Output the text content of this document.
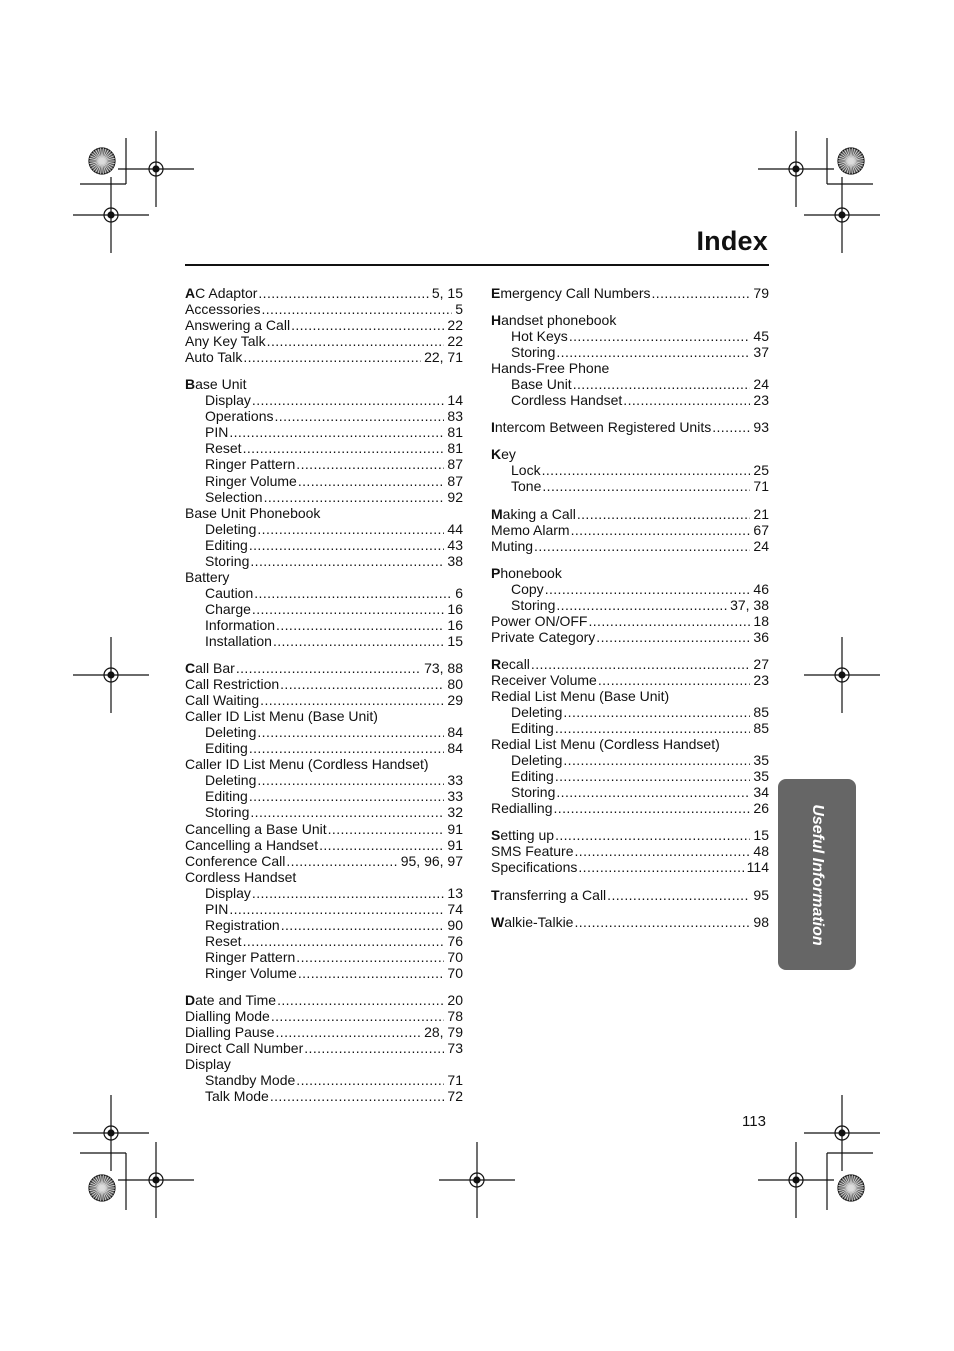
Index
AC Adaptor .....	5, 15
Accessories .....	5
Answering a Call .....	22
Any Key Talk .....	22
Auto Talk .....	22, 71
Base Unit
Display .....	14
Operations .....	83
PIN .....	81
Reset .....	81
Ringer Pattern .....	87
Ringer Volume .....	87
Selection .....	92
Base Unit Phonebook
Deleting .....	44
Editing .....	43
Storing .....	38
Battery
Caution .....	6
Charge .....	16
Information .....	16
Installation .....	15
Call Bar .....	73, 88
Call Restriction .....	80
Call Waiting .....	29
Caller ID List Menu (Base Unit)
Deleting .....	84
Editing .....	84
Caller ID List Menu (Cordless Handset)
Deleting .....	33
Editing .....	33
Storing .....	32
Cancelling a Base Unit .....	91
Cancelling a Handset .....	91
Conference Call .....	95, 96, 97
Cordless Handset
Display .....	13
PIN .....	74
Registration .....	90
Reset .....	76
Ringer Pattern .....	70
Ringer Volume .....	70
Date and Time .....	20
Dialling Mode .....	78
Dialling Pause .....	28, 79
Direct Call Number .....	73
Display
Standby Mode .....	71
Talk Mode .....	72
Emergency Call Numbers .....	79
Handset phonebook
Hot Keys .....	45
Storing .....	37
Hands-Free Phone
Base Unit .....	24
Cordless Handset .....	23
Intercom Between Registered Units .....	93
Key
Lock .....	25
Tone .....	71
Making a Call .....	21
Memo Alarm .....	67
Muting .....	24
Phonebook
Copy .....	46
Storing .....	37, 38
Power ON/OFF .....	18
Private Category .....	36
Recall .....	27
Receiver Volume .....	23
Redial List Menu (Base Unit)
Deleting .....	85
Editing .....	85
Redial List Menu (Cordless Handset)
Deleting .....	35
Editing .....	35
Storing .....	34
Redialling .....	26
Setting up .....	15
SMS Feature .....	48
Specifications .....	114
Transferring a Call .....	95
Walkie-Talkie .....	98	Useful Information
113
